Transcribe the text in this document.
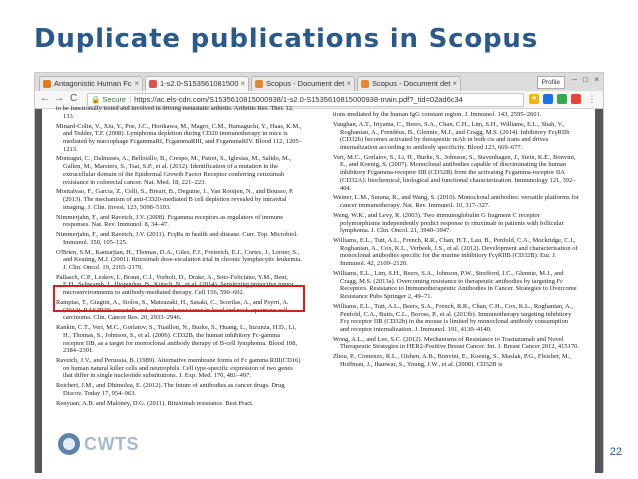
Duplicate publications in Scopus
Antagonistic Human Fc ×	1-s2.0-S153561081500 ×	Scopus - Document det ×	Scopus - Document det ×	Profile	– □ ×
← → C	🔒 Secure | https://ac.els-cdn.com/S1535610815000938/1-s2.0-S1535610815000938-main.pdf?_tid=02ad6c34	★	⋮
to be functionally tested and involved in driving metastatic arthritis. Arthritis Res. Ther. 12, 133.
Minard-Colin, V., Xiu, Y., Poe, J.C., Horikawa, M., Magro, C.M., Hamaguchi, Y., Haas, K.M., and Tedder, T.F. (2008). Lymphoma depletion during CD20 immunotherapy in mice is mediated by macrophage FcgammaRI, FcgammaRIII, and FcgammaRIV. Blood 112, 1205–1213.
Montagut, C., Dalmases, A., Bellosillo, B., Crespo, M., Pairet, S., Iglesias, M., Salido, M., Gallen, M., Marsters, S., Tsai, S.P., et al. (2012). Identification of a mutation in the extracellular domain of the Epidermal Growth Factor Receptor conferring cetuximab resistance in colorectal cancer. Nat. Med. 18, 221–223.
Montalvao, F., Garcia, Z., Celli, S., Breart, B., Deguine, J., Van Rooijen, N., and Bousso, P. (2013). The mechanism of anti-CD20-mediated B cell depletion revealed by intravital imaging. J. Clin. Invest. 123, 5098–5103.
Nimmerjahn, F., and Ravetch, J.V. (2008). Fcgamma receptors as regulators of immune responses. Nat. Rev. Immunol. 8, 34–47.
Nimmerjahn, F., and Ravetch, J.V. (2011). FcγRs in health and disease. Curr. Top. Microbiol. Immunol. 350, 105–125.
O'Brien, S.M., Kantarjian, H., Thomas, D.A., Giles, F.J., Freireich, E.J., Cortes, J., Lerner, S., and Keating, M.J. (2001). Rituximab dose-escalation trial in chronic lymphocytic leukemia. J. Clin. Oncol. 19, 2165–2170.
Pallasch, C.P., Leskov, I., Braun, C.J., Vorholt, D., Drake, A., Soto-Feliciano, Y.M., Bent, E.H., Schwamb, J., Iliopoulou, B., Kutsch, N., et al. (2014). Sensitizing protective tumor microenvironments to antibody-mediated therapy. Cell 156, 590–602.
Rampias, T., Giagini, A., Siolos, S., Matsuzaki, H., Sasaki, C., Scorilas, A., and Psyrri, A. (2014). RAS/PI3K crosstalk and cetuximab resistance in head and neck squamous cell carcinoma. Clin. Cancer Res. 20, 2933–2946.
Rankin, C.T., Veri, M.C., Gorlatov, S., Tuaillon, N., Burke, S., Huang, L., Inzunza, H.D., Li, H., Thomas, S., Johnson, S., et al. (2006). CD32B, the human inhibitory Fc-gamma receptor IIB, as a target for monoclonal antibody therapy of B-cell lymphoma. Blood 108, 2384–2391.
Ravetch, J.V., and Perussia, B. (1989). Alternative membrane forms of Fc gamma RIII(CD16) on human natural killer cells and neutrophils. Cell type-specific expression of two genes that differ in single nucleotide substitutions. J. Exp. Med. 170, 481–497.
Reichert, J.M., and Dhimolea, E. (2012). The future of antibodies as cancer drugs. Drug Discov. Today 17, 954–963.
Renyuan, A.B. and Maloney, D.G. (2011). Rituximab resistance. Best Pract.
tions mediated by the human IgG constant region. J. Immunol. 143, 2595–2601.
Vaughan, A.T., Iriyama, C., Beers, S.A., Chan, C.H., Lim, S.H., Williams, E.L., Shah, V., Roghanian, A., Frendéus, B., Glennie, M.J., and Cragg, M.S. (2014). Inhibitory FcγRIIb (CD32b) becomes activated by therapeutic mAb in both cis and trans and drives internalization according to antibody specificity. Blood 123, 669–677.
Veri, M.C., Gorlatov, S., Li, H., Burke, S., Johnson, S., Stavenhagen, J., Stein, K.E., Bonvini, E., and Koenig, S. (2007). Monoclonal antibodies capable of discriminating the human inhibitory Fcgamma-receptor IIB (CD32B) from the activating Fcgamma-receptor IIA (CD32A): biochemical, biological and functional characterization. Immunology 121, 392–404.
Weiner, L.M., Surana, R., and Wang, S. (2010). Monoclonal antibodies: versatile platforms for cancer immunotherapy. Nat. Rev. Immunol. 10, 317–327.
Weng, W.K., and Levy, R. (2003). Two immunoglobulin G fragment C receptor polymorphisms independently predict response to rituximab in patients with follicular lymphoma. J. Clin. Oncol. 21, 3940–3947.
Williams, E.L., Tutt, A.L., French, R.R., Chan, H.T., Lau, B., Penfold, C.A., Mockridge, C.I., Roghanian, A., Cox, K.L., Verbeek, J.S., et al. (2012). Development and characterisation of monoclonal antibodies specific for the murine inhibitory FcγRIIB (CD32B). Eur. J. Immunol. 42, 2109–2120.
Williams, E.L., Lim, S.H., Beers, S.A., Johnson, P.W., Strefford, J.C., Glennie, M.J., and Cragg, M.S. (2013a). Overcoming resistance to therapeutic antibodies by targeting Fc Receptors. Resistance to Immunotherapeutic Antibodies in Cancer. Strategies to Overcome Resistance Pubs Springer 2, 49–71.
Williams, E.L., Tutt, A.L., Beers, S.A., French, R.R., Chan, C.H., Cox, K.L., Roghanian, A., Penfold, C.A., Butts, C.L., Boross, P., et al. (2013b). Immunotherapy targeting inhibitory Fcγ receptor IIB (CD32b) in the mouse is limited by monoclonal antibody consumption and receptor internalization. J. Immunol. 191, 4130–4140.
Wong, A.L., and Lee, S.C. (2012). Mechanisms of Resistance to Trastuzumab and Novel Therapeutic Strategies in HER2-Positive Breast Cancer. Int. J. Breast Cancer 2012, 415170.
Zhou, P., Comenzo, R.L., Olshen, A.B., Bonvini, E., Koenig, S., Maslak, P.G., Fleisher, M., Hoffman, J., Jhanwar, S., Young, J.W., et al. (2008). CD32B is
CWTS	22
